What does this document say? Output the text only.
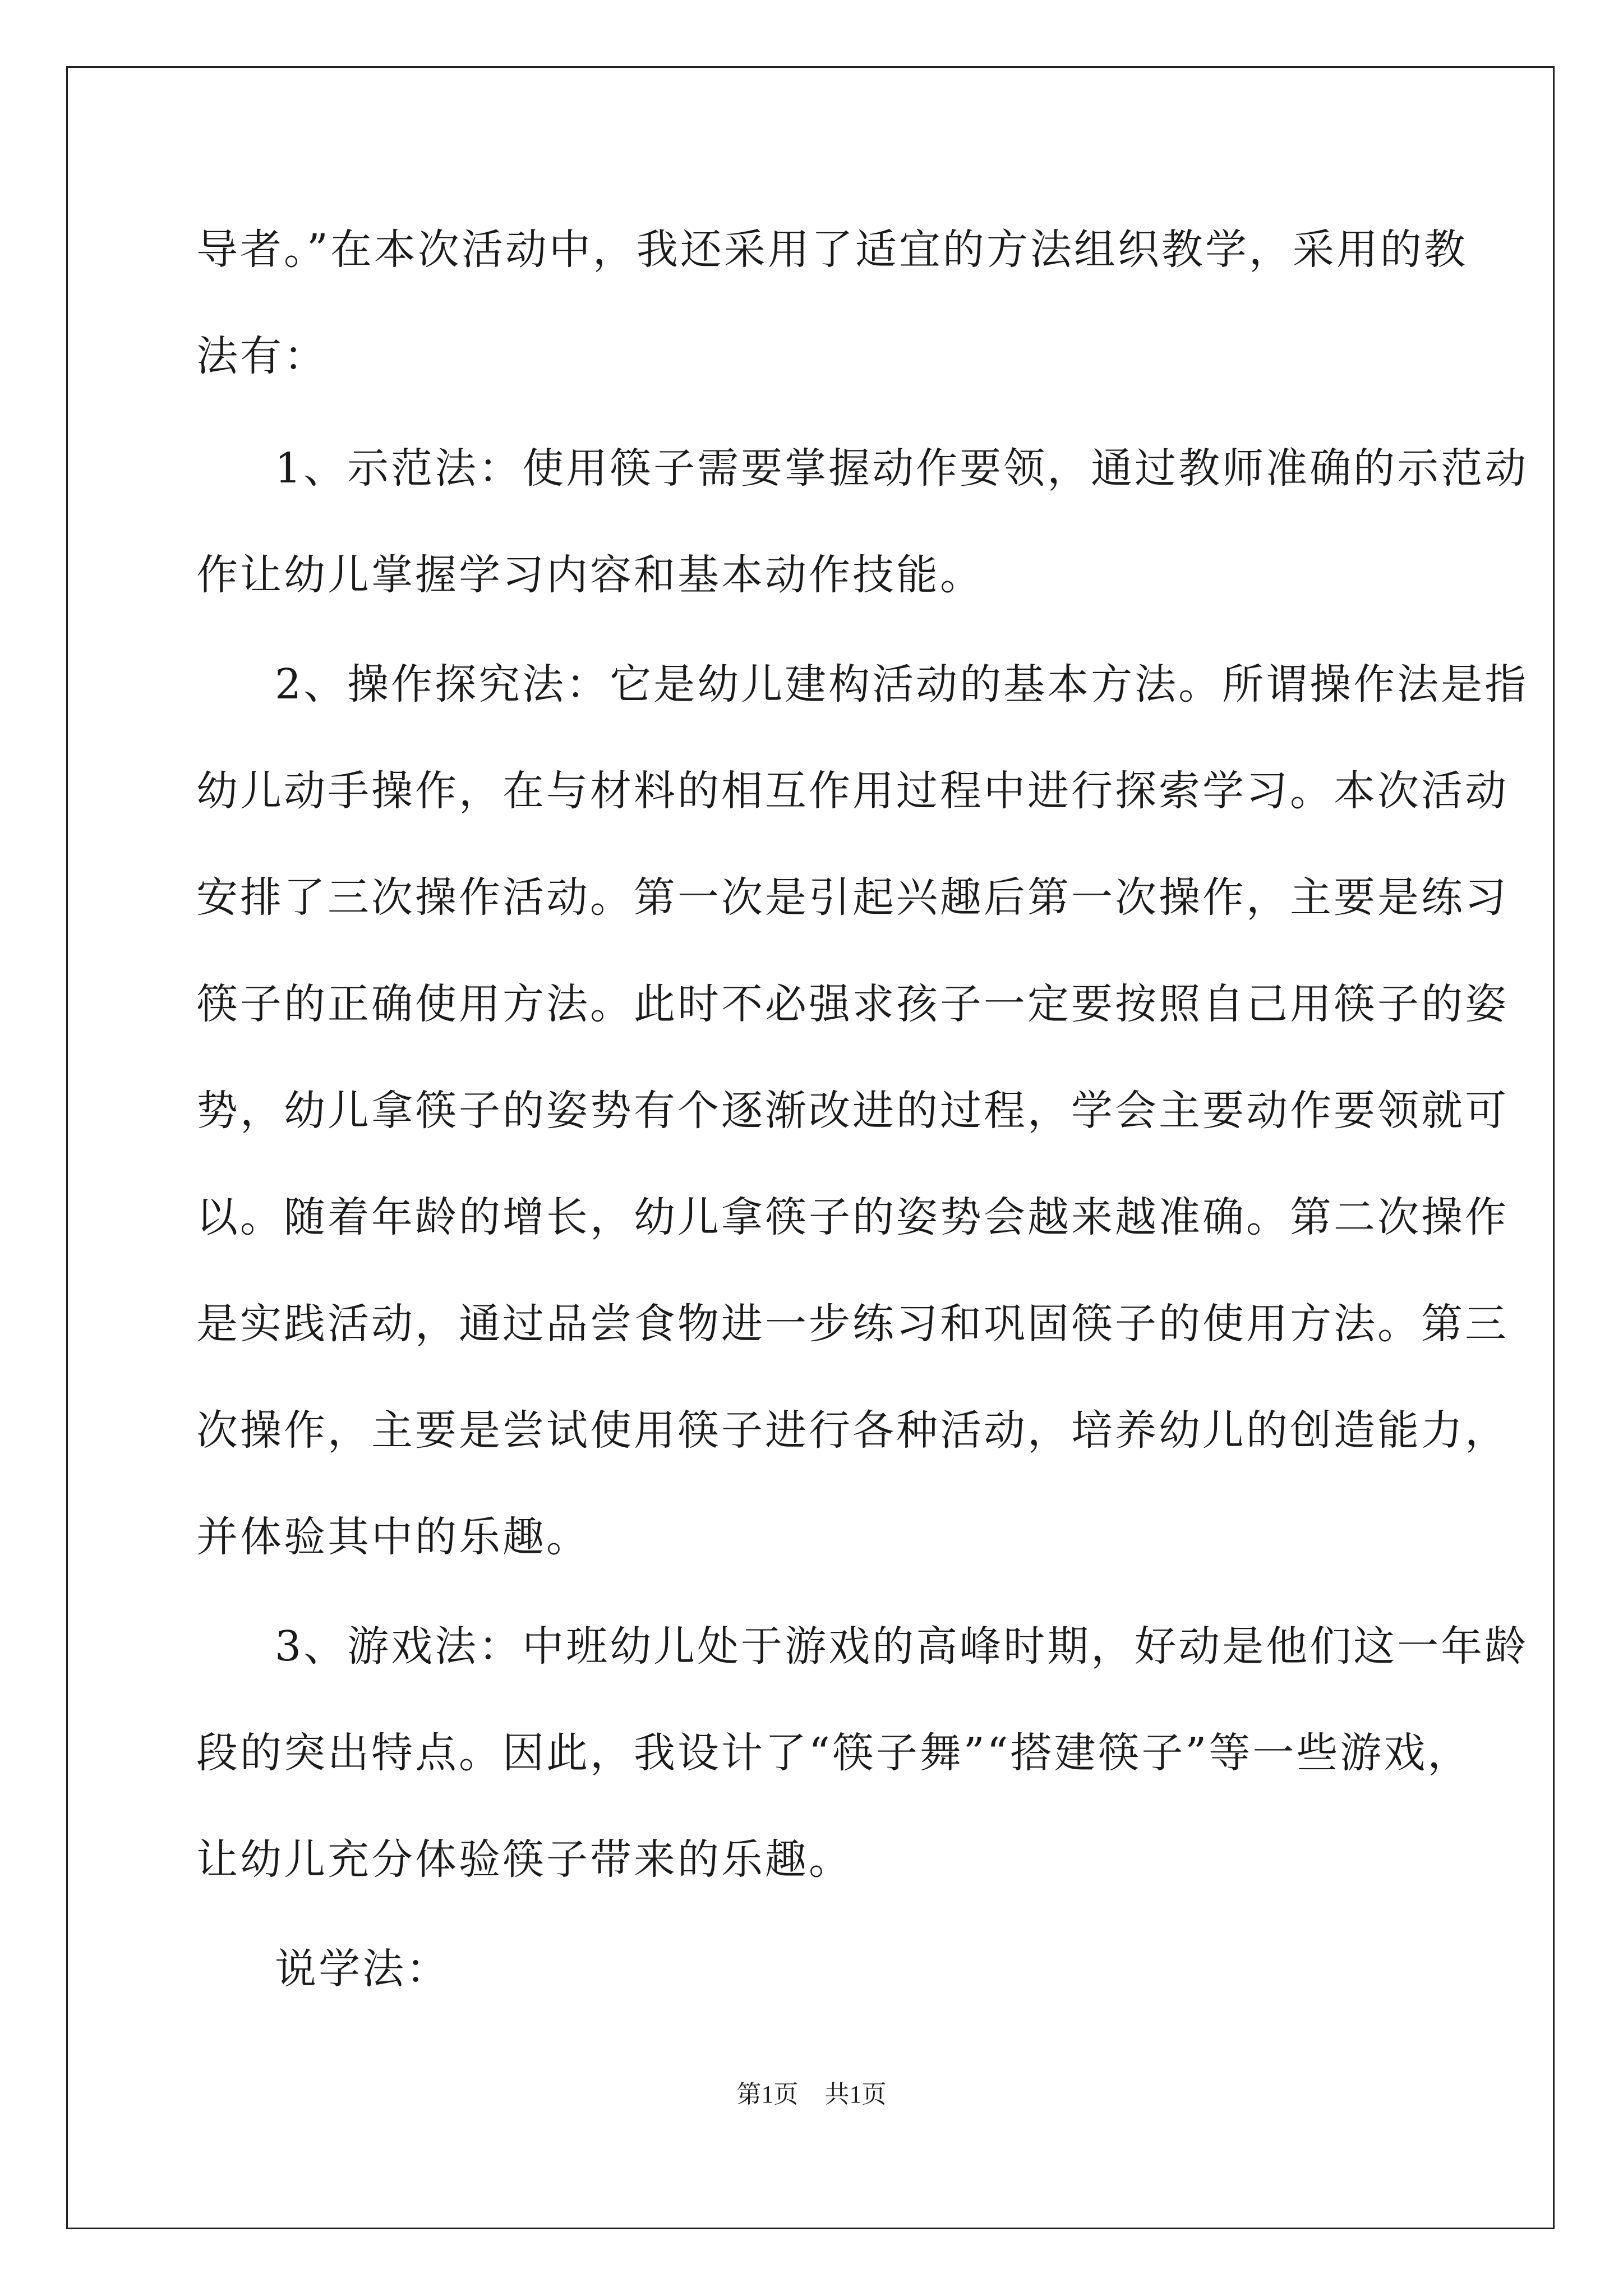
导者。”在本次活动中，我还采用了适宜的方法组织教学，采用的教
法有：
1、示范法：使用筷子需要掌握动作要领，通过教师准确的示范动
作让幼儿掌握学习内容和基本动作技能。
2、操作探究法：它是幼儿建构活动的基本方法。所谓操作法是指
幼儿动手操作，在与材料的相互作用过程中进行探索学习。本次活动
安排了三次操作活动。第一次是引起兴趣后第一次操作，主要是练习
筷子的正确使用方法。此时不必强求孩子一定要按照自己用筷子的姿
势，幼儿拿筷子的姿势有个逐渐改进的过程，学会主要动作要领就可
以。随着年龄的增长，幼儿拿筷子的姿势会越来越准确。第二次操作
是实践活动，通过品尝食物进一步练习和巩固筷子的使用方法。第三
次操作，主要是尝试使用筷子进行各种活动，培养幼儿的创造能力，
并体验其中的乐趣。
3、游戏法：中班幼儿处于游戏的高峰时期，好动是他们这一年龄
段的突出特点。因此，我设计了“筷子舞”“搭建筷子”等一些游戏，
让幼儿充分体验筷子带来的乐趣。
说学法：
第1页 共1页
